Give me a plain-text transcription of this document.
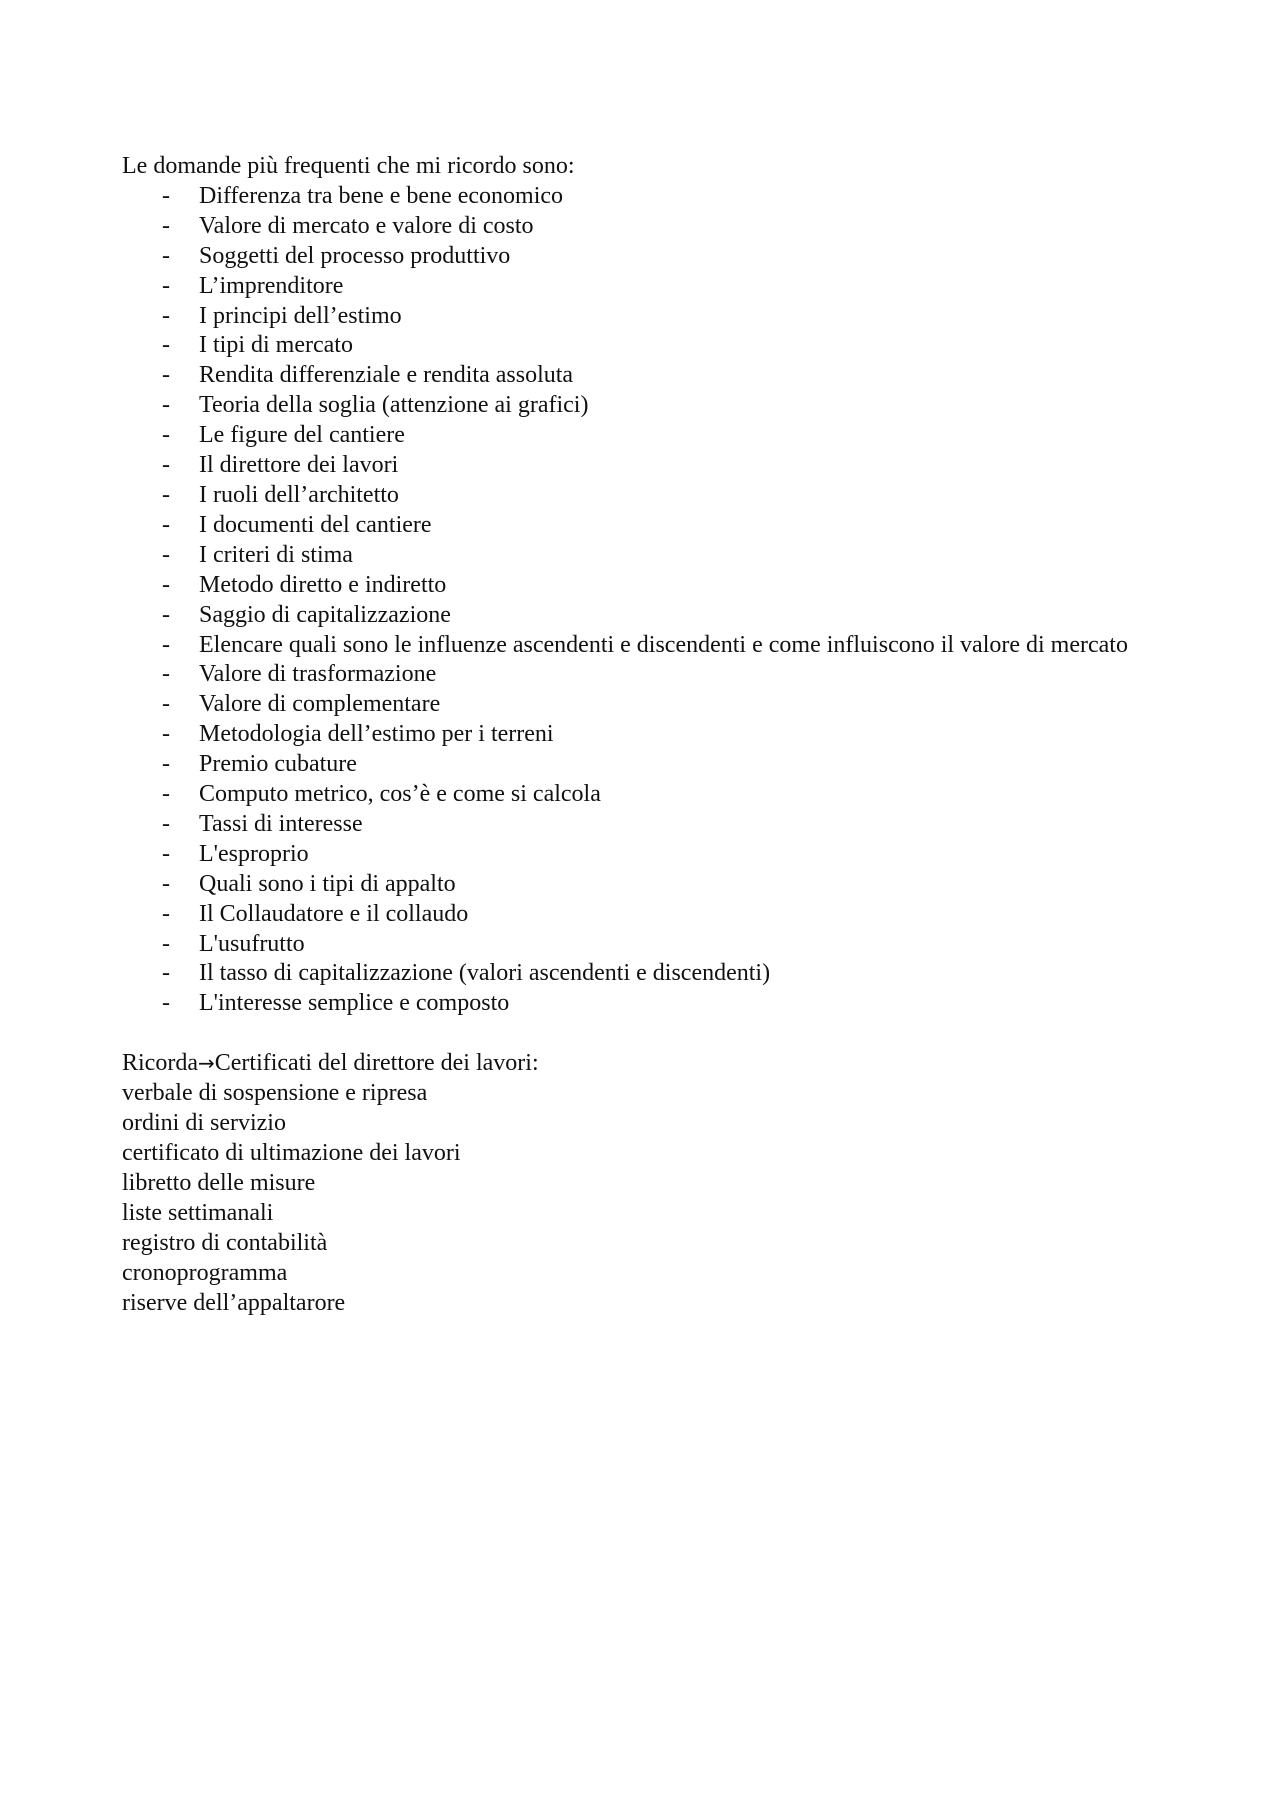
Le domande più frequenti che mi ricordo sono:

- Differenza tra bene e bene economico
- Valore di mercato e valore di costo
- Soggetti del processo produttivo
- L’imprenditore
- I principi dell’estimo
- I tipi di mercato
- Rendita differenziale e rendita assoluta
- Teoria della soglia (attenzione ai grafici)
- Le figure del cantiere
- Il direttore dei lavori
- I ruoli dell’architetto
- I documenti del cantiere
- I criteri di stima
- Metodo diretto e indiretto
- Saggio di capitalizzazione
- Elencare quali sono le influenze ascendenti e discendenti e come influiscono il valore di mercato
- Valore di trasformazione
- Valore di complementare
- Metodologia dell’estimo per i terreni
- Premio cubature
- Computo metrico, cos’è e come si calcola
- Tassi di interesse
- L'esproprio
- Quali sono i tipi di appalto
- Il Collaudatore e il collaudo
- L'usufrutto
- Il tasso di capitalizzazione (valori ascendenti e discendenti)
- L'interesse semplice e composto

Ricorda→Certificati del direttore dei lavori:

verbale di sospensione e ripresa
ordini di servizio
certificato di ultimazione dei lavori
libretto delle misure
liste settimanali
registro di contabilità
cronoprogramma
riserve dell’appaltarore
